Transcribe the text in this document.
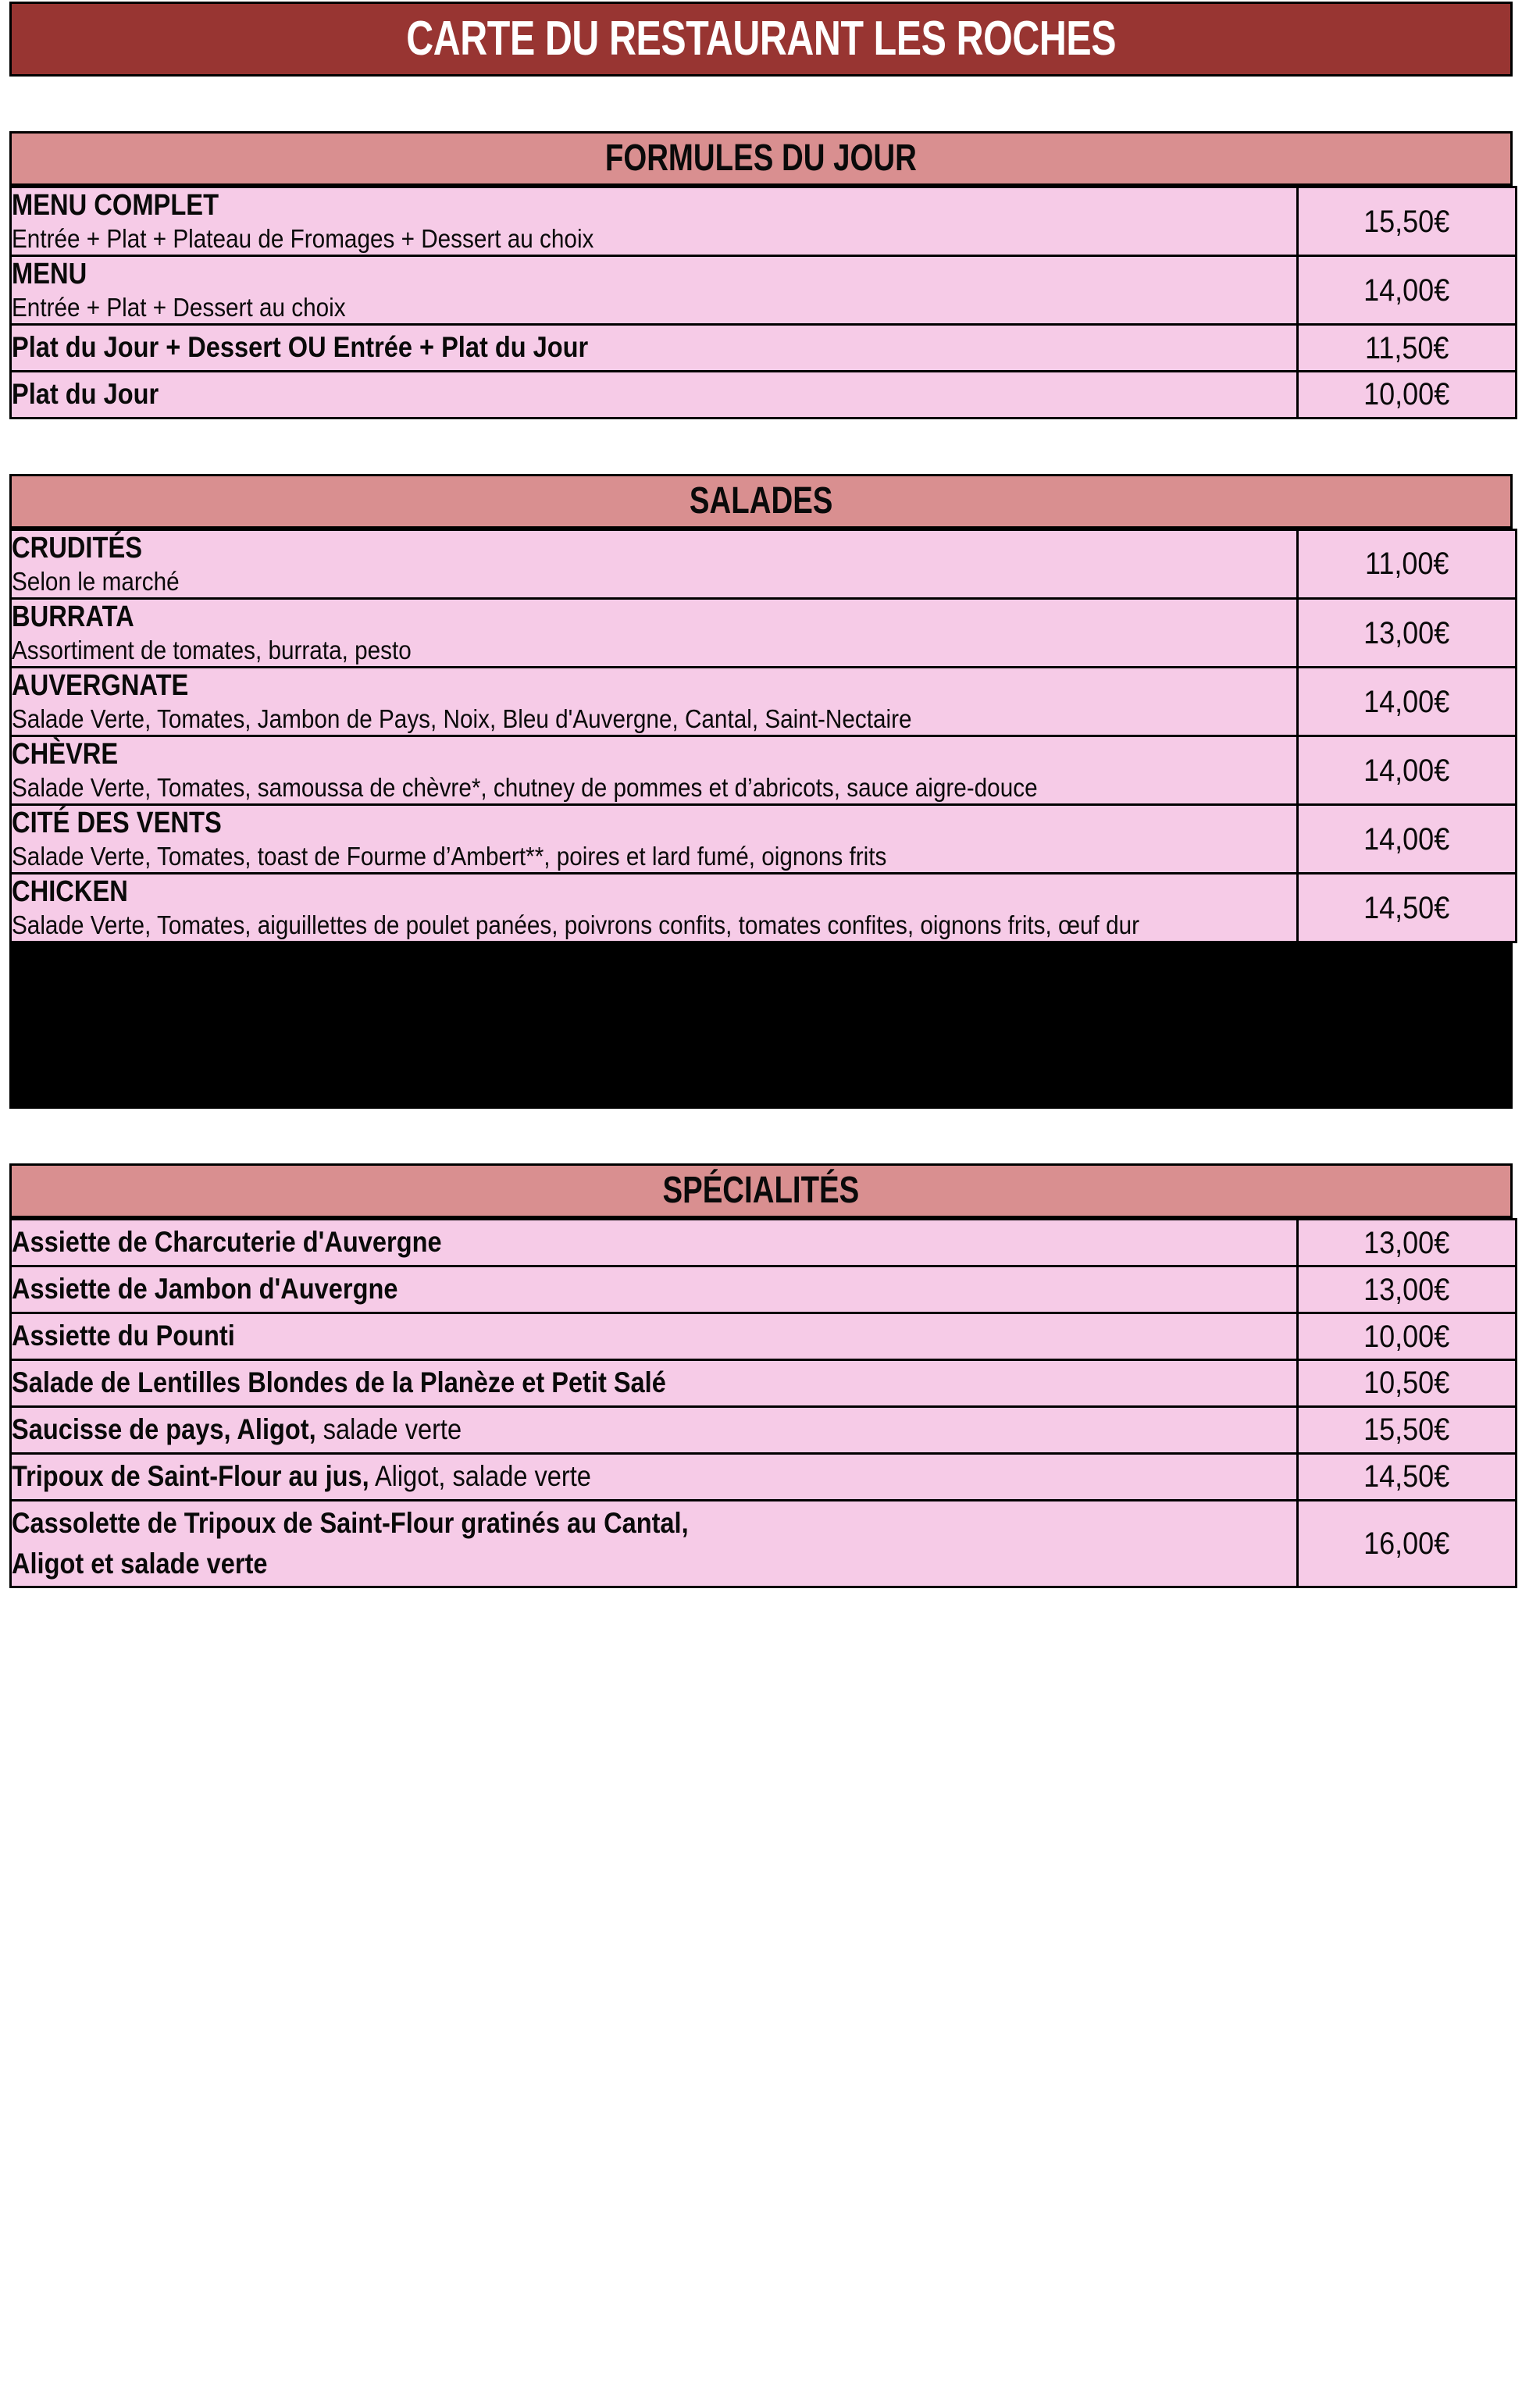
CARTE DU RESTAURANT LES ROCHES
FORMULES DU JOUR
MENU COMPLET
Entrée + Plat + Plateau de Fromages + Dessert au choix	15,50€

MENU
Entrée + Plat + Dessert au choix	14,00€

Plat du Jour + Dessert OU Entrée + Plat du Jour	11,50€

Plat du Jour	10,00€
SALADES
CRUDITÉS
Selon le marché	11,00€

BURRATA
Assortiment de tomates, burrata, pesto	13,00€

AUVERGNATE
Salade Verte, Tomates, Jambon de Pays, Noix, Bleu d'Auvergne, Cantal, Saint-Nectaire	14,00€

CHÈVRE
Salade Verte, Tomates, samoussa de chèvre*, chutney de pommes et d’abricots, sauce aigre-douce	14,00€

CITÉ DES VENTS
Salade Verte, Tomates, toast de Fourme d’Ambert**, poires et lard fumé, oignons frits	14,00€

CHICKEN
Salade Verte, Tomates, aiguillettes de poulet panées, poivrons confits, tomates confites, oignons frits, œuf dur	14,50€
SPÉCIALITÉS
Assiette de Charcuterie d'Auvergne	13,00€

Assiette de Jambon d'Auvergne	13,00€

Assiette du Pounti	10,00€

Salade de Lentilles Blondes de la Planèze et Petit Salé	10,50€

Saucisse de pays, Aligot, salade verte	15,50€

Tripoux de Saint-Flour au jus, Aligot, salade verte	14,50€

Cassolette de Tripoux de Saint-Flour gratinés au Cantal,
Aligot et salade verte	16,00€
